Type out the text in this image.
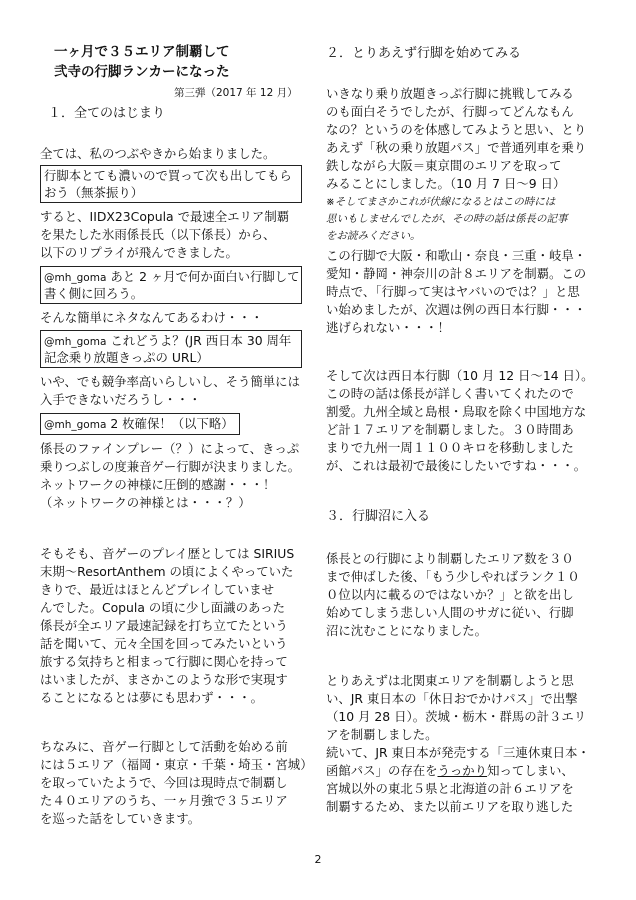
一ヶ月で３５エリア制覇して
弐寺の行脚ランカーになった
第三弾（2017 年 12 月）
１．全てのはじまり
全ては、私のつぶやきから始まりました。
行脚本とても濃いので買って次も出してもら
おう（無茶振り）
すると、IIDX23Copula で最速全エリア制覇
を果たした氷雨係長氏（以下係長）から、
以下のリプライが飛んできました。
@mh_goma あと 2 ヶ月で何か面白い行脚して
書く側に回ろう。
そんな簡単にネタなんてあるわけ・・・
@mh_goma これどうよ？(JR 西日本 30 周年
記念乗り放題きっぷの URL）
いや、でも競争率高いらしいし、そう簡単には
入手できないだろうし・・・
@mh_goma 2 枚確保！（以下略）
係長のファインプレー（？）によって、きっぷ
乗りつぶしの度兼音ゲー行脚が決まりました。
ネットワークの神様に圧倒的感謝・・・！
（ネットワークの神様とは・・・？）
そもそも、音ゲーのプレイ歴としては SIRIUS
末期～ResortAnthem の頃によくやっていた
きりで、最近はほとんどプレイしていませ
んでした。Copula の頃に少し面識のあった
係長が全エリア最速記録を打ち立てたという
話を聞いて、元々全国を回ってみたいという
旅する気持ちと相まって行脚に関心を持って
はいましたが、まさかこのような形で実現す
ることになるとは夢にも思わず・・・。
ちなみに、音ゲー行脚として活動を始める前
には５エリア（福岡・東京・千葉・埼玉・宮城）
を取っていたようで、今回は現時点で制覇し
た４０エリアのうち、一ヶ月強で３５エリア
を巡った話をしていきます。
２．とりあえず行脚を始めてみる
いきなり乗り放題きっぷ行脚に挑戦してみる
のも面白そうでしたが、行脚ってどんなもん
なの？というのを体感してみようと思い、とり
あえず「秋の乗り放題パス」で普通列車を乗り
鉄しながら大阪＝東京間のエリアを取って
みることにしました。（10 月 7 日～9 日）
※そしてまさかこれが伏線になるとはこの時には
思いもしませんでしたが、その時の話は係長の記事
をお読みください。
この行脚で大阪・和歌山・奈良・三重・岐阜・
愛知・静岡・神奈川の計８エリアを制覇。この
時点で、「行脚って実はヤバいのでは？」と思
い始めましたが、次週は例の西日本行脚・・・
逃げられない・・・！
そして次は西日本行脚（10 月 12 日～14 日）。
この時の話は係長が詳しく書いてくれたので
割愛。九州全域と島根・鳥取を除く中国地方な
ど計１７エリアを制覇しました。３０時間あ
まりで九州一周１１００キロを移動しました
が、これは最初で最後にしたいですね・・・。
３．行脚沼に入る
係長との行脚により制覇したエリア数を３０
まで伸ばした後、「もう少しやればランク１０
０位以内に載るのではないか？」と欲を出し
始めてしまう悲しい人間のサガに従い、行脚
沼に沈むことになりました。
とりあえずは北関東エリアを制覇しようと思
い、JR 東日本の「休日おでかけパス」で出撃
（10 月 28 日）。茨城・栃木・群馬の計３エリ
アを制覇しました。
続いて、JR 東日本が発売する「三連休東日本・
函館パス」の存在をうっかり知ってしまい、
宮城以外の東北５県と北海道の計６エリアを
制覇するため、また以前エリアを取り逃した
2
